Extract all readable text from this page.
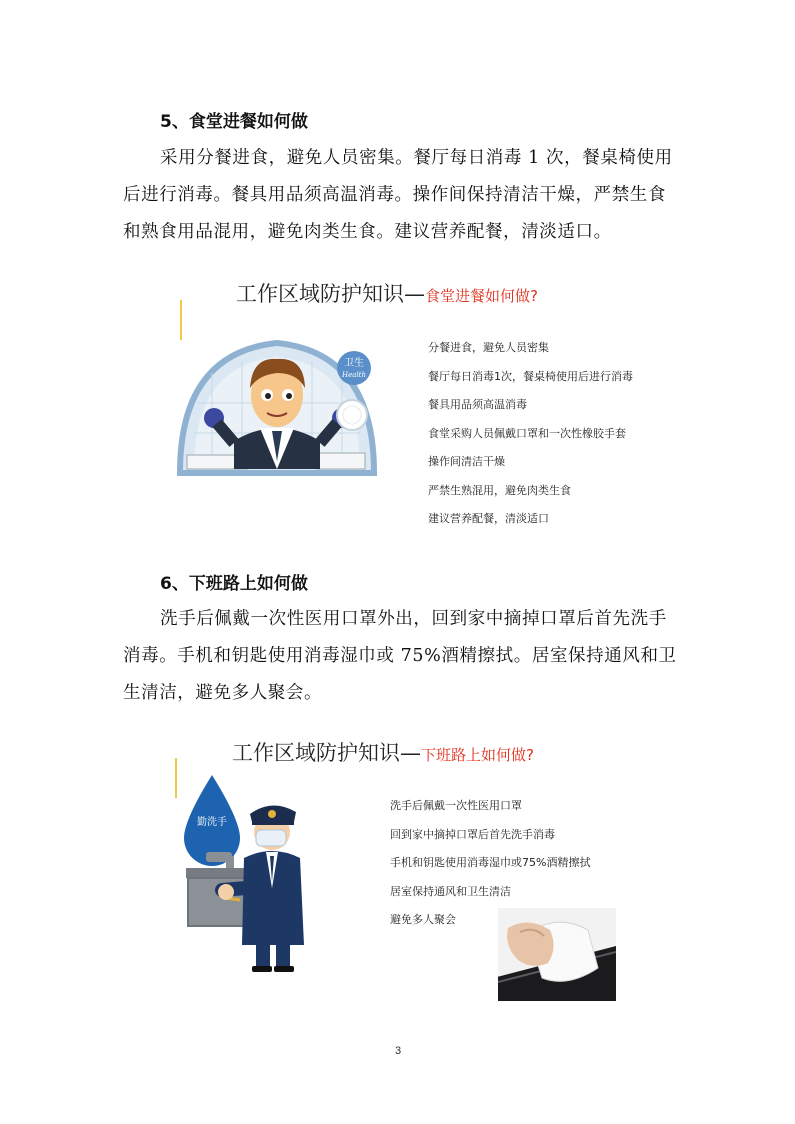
5、食堂进餐如何做
采用分餐进食，避免人员密集。餐厅每日消毒 1 次，餐桌椅使用
后进行消毒。餐具用品须高温消毒。操作间保持清洁干燥，严禁生食
和熟食用品混用，避免肉类生食。建议营养配餐，清淡适口。
工作区域防护知识—食堂进餐如何做?
卫生
Health
分餐进食，避免人员密集
餐厅每日消毒1次，餐桌椅使用后进行消毒
餐具用品须高温消毒
食堂采购人员佩戴口罩和一次性橡胶手套
操作间清洁干燥
严禁生熟混用，避免肉类生食
建议营养配餐，清淡适口
6、下班路上如何做
洗手后佩戴一次性医用口罩外出，回到家中摘掉口罩后首先洗手
消毒。手机和钥匙使用消毒湿巾或 75%酒精擦拭。居室保持通风和卫
生清洁，避免多人聚会。
工作区域防护知识—下班路上如何做?
勤洗手
洗手后佩戴一次性医用口罩
回到家中摘掉口罩后首先洗手消毒
手机和钥匙使用消毒湿巾或75%酒精擦拭
居室保持通风和卫生清洁
避免多人聚会
3
